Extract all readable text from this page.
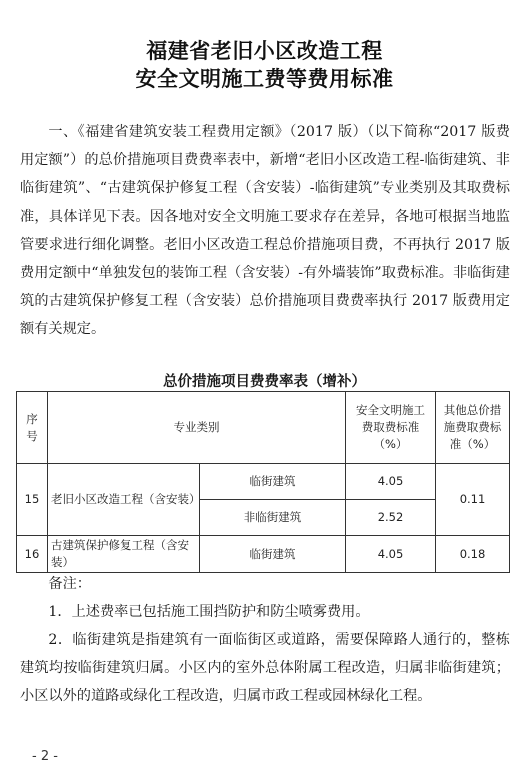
福建省老旧小区改造工程
安全文明施工费等费用标准

一、《福建省建筑安装工程费用定额》（2017 版）（以下简称“2017 版费用定额”）的总价措施项目费费率表中，新增“老旧小区改造工程-临街建筑、非临街建筑”、“古建筑保护修复工程（含安装）-临街建筑”专业类别及其取费标准，具体详见下表。因各地对安全文明施工要求存在差异，各地可根据当地监管要求进行细化调整。老旧小区改造工程总价措施项目费，不再执行 2017 版费用定额中“单独发包的装饰工程（含安装）-有外墙装饰”取费标准。非临街建筑的古建筑保护修复工程（含安装）总价措施项目费费率执行 2017 版费用定额有关规定。

总价措施项目费费率表（增补）
序号	专业类别		安全文明施工费取费标准（%）	其他总价措施费取费标准（%）
15	老旧小区改造工程（含安装）	临街建筑	4.05	0.11
		非临街建筑	2.52	
16	古建筑保护修复工程（含安装）	临街建筑	4.05	0.18

备注：

1．上述费率已包括施工围挡防护和防尘喷雾费用。

2．临街建筑是指建筑有一面临街区或道路，需要保障路人通行的，整栋建筑均按临街建筑归属。小区内的室外总体附属工程改造，归属非临街建筑；小区以外的道路或绿化工程改造，归属市政工程或园林绿化工程。

- 2 -
